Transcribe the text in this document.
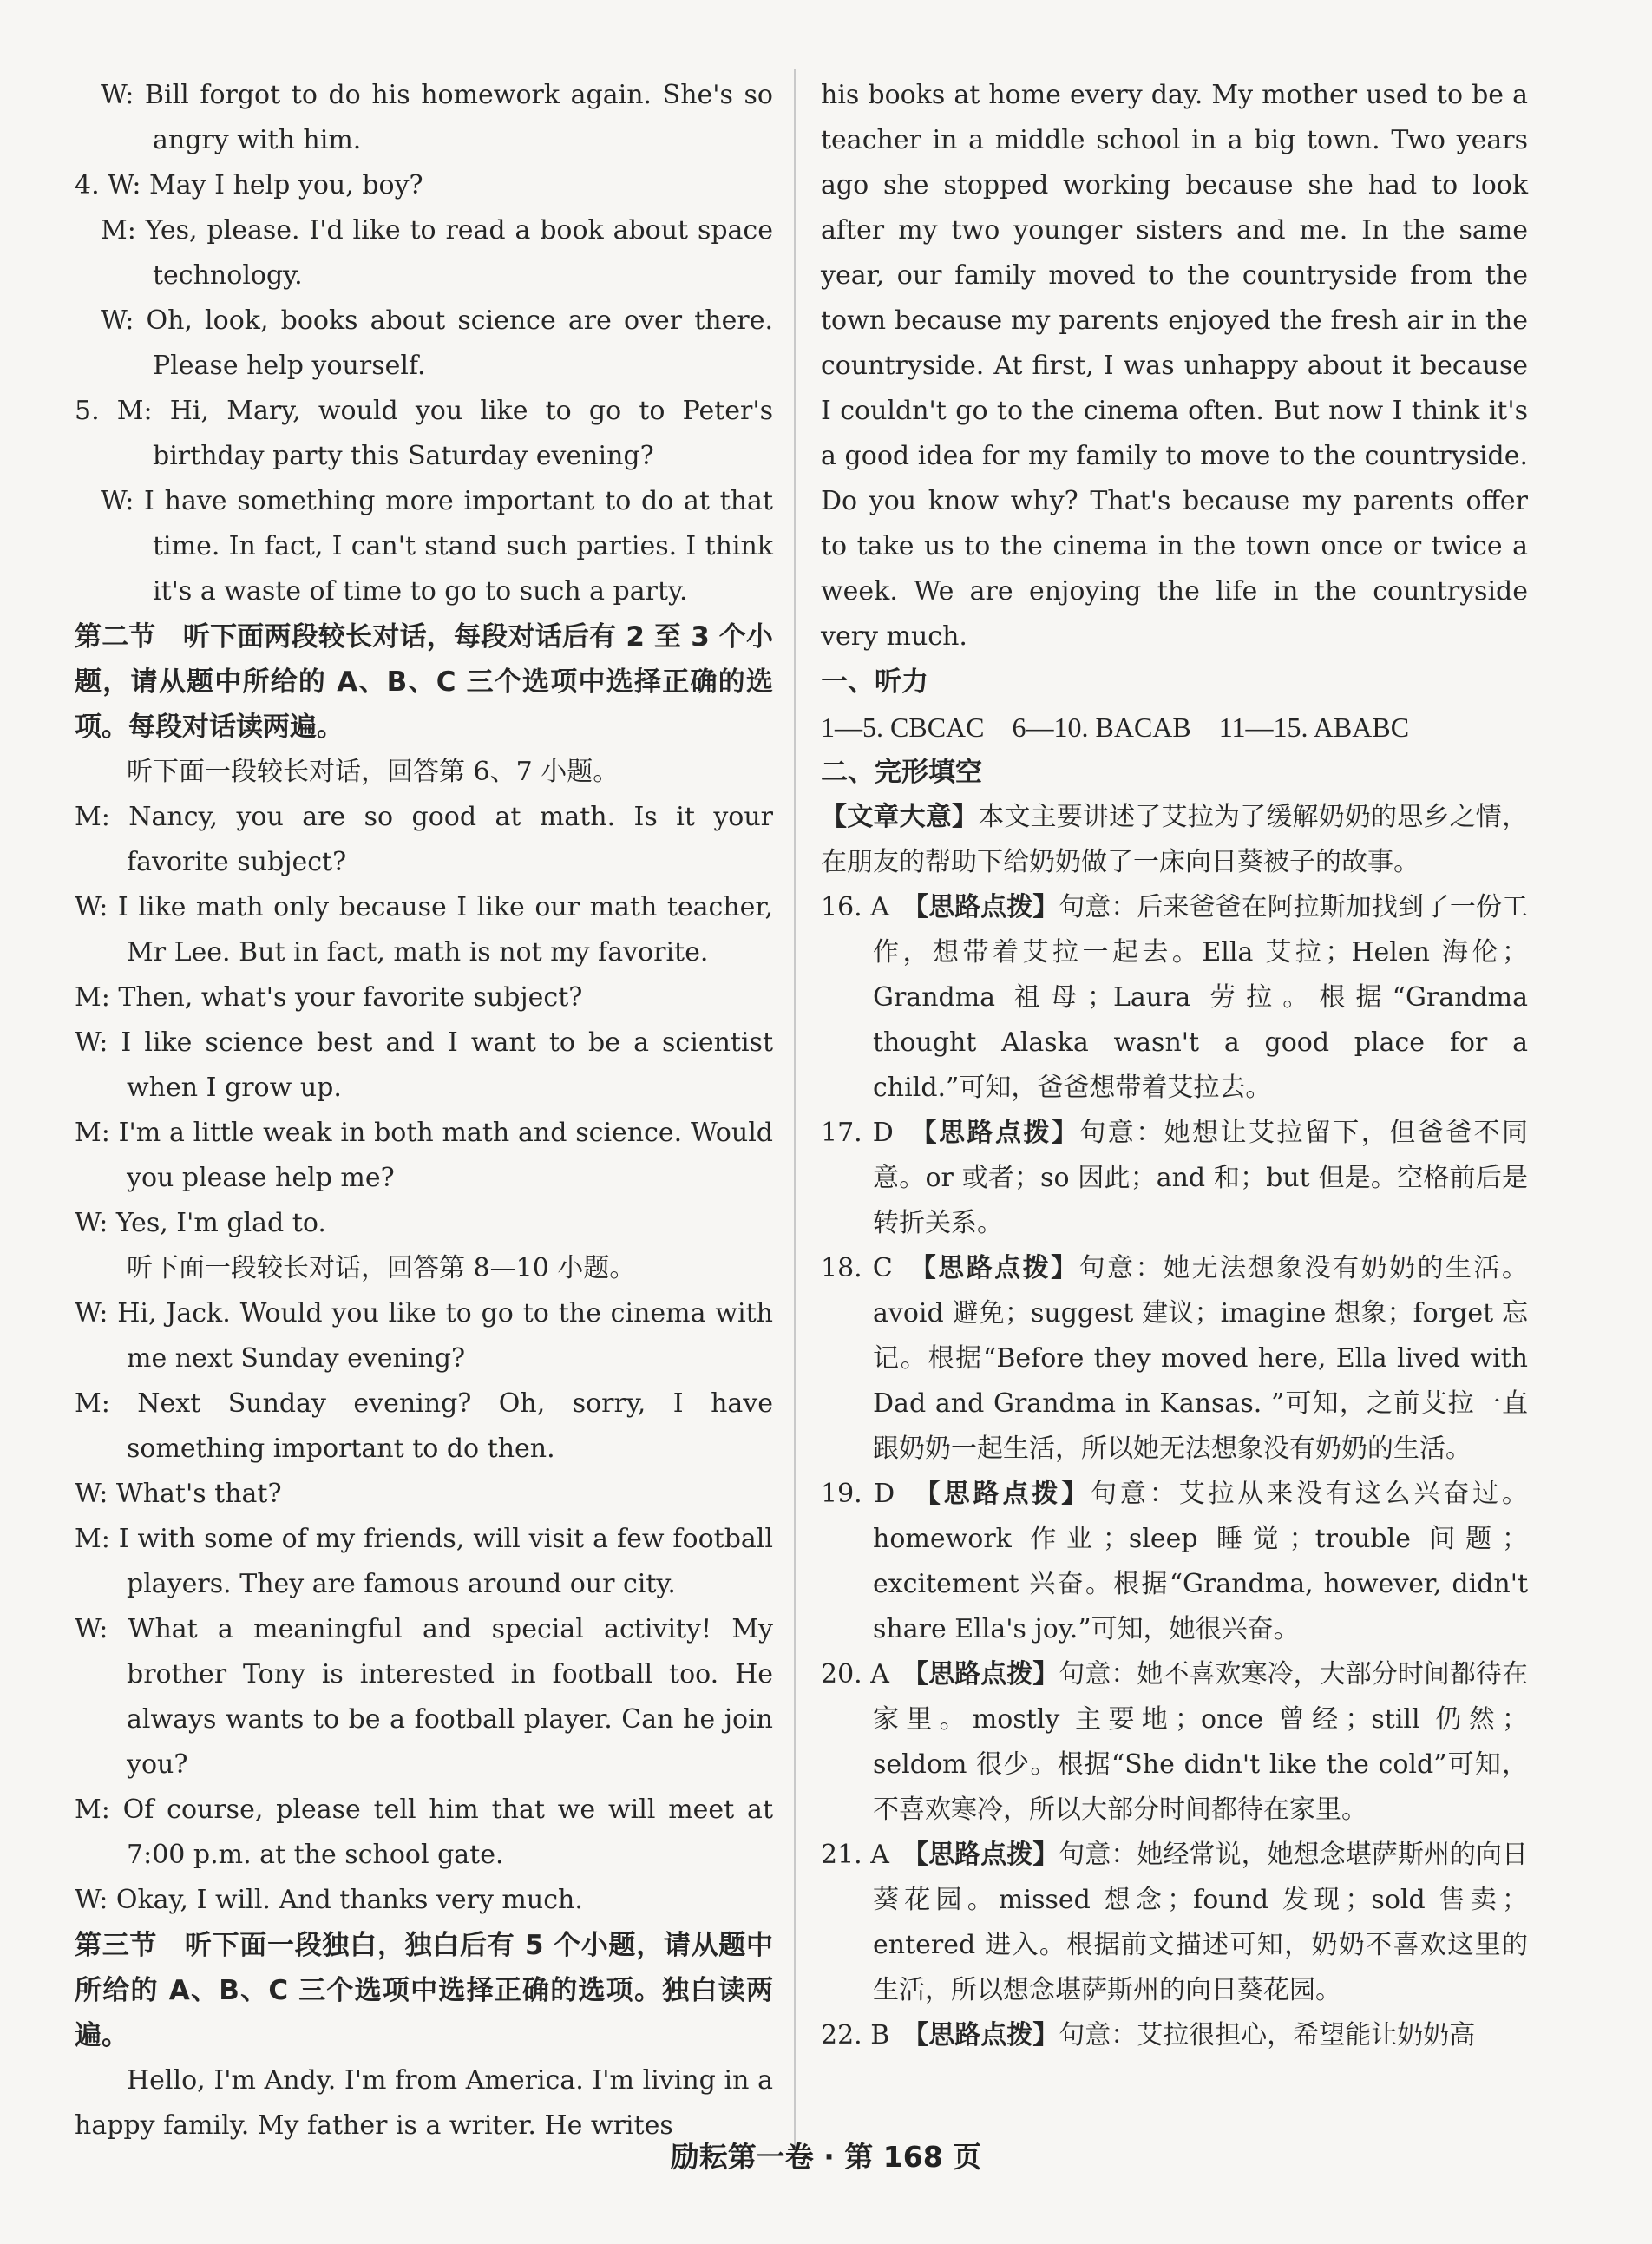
W: Bill forgot to do his homework again. She's so angry with him.

4. W: May I help you, boy?

M: Yes, please. I'd like to read a book about space technology.

W: Oh, look, books about science are over there. Please help yourself.

5. M: Hi, Mary, would you like to go to Peter's birthday party this Saturday evening?

W: I have something more important to do at that time. In fact, I can't stand such parties. I think it's a waste of time to go to such a party.

第二节　听下面两段较长对话，每段对话后有 2 至 3 个小题，请从题中所给的 A、B、C 三个选项中选择正确的选项。每段对话读两遍。

听下面一段较长对话，回答第 6、7 小题。

M: Nancy, you are so good at math. Is it your favorite subject?

W: I like math only because I like our math teacher, Mr Lee. But in fact, math is not my favorite.

M: Then, what's your favorite subject?

W: I like science best and I want to be a scientist when I grow up.

M: I'm a little weak in both math and science. Would you please help me?

W: Yes, I'm glad to.

听下面一段较长对话，回答第 8—10 小题。

W: Hi, Jack. Would you like to go to the cinema with me next Sunday evening?

M: Next Sunday evening? Oh, sorry, I have something important to do then.

W: What's that?

M: I with some of my friends, will visit a few football players. They are famous around our city.

W: What a meaningful and special activity! My brother Tony is interested in football too. He always wants to be a football player. Can he join you?

M: Of course, please tell him that we will meet at 7:00 p.m. at the school gate.

W: Okay, I will. And thanks very much.

第三节　听下面一段独白，独白后有 5 个小题，请从题中所给的 A、B、C 三个选项中选择正确的选项。独白读两遍。

Hello, I'm Andy. I'm from America. I'm living in a happy family. My father is a writer. He writes

his books at home every day. My mother used to be a teacher in a middle school in a big town. Two years ago she stopped working because she had to look after my two younger sisters and me. In the same year, our family moved to the countryside from the town because my parents enjoyed the fresh air in the countryside. At first, I was unhappy about it because I couldn't go to the cinema often. But now I think it's a good idea for my family to move to the countryside. Do you know why? That's because my parents offer to take us to the cinema in the town once or twice a week. We are enjoying the life in the countryside very much.

一、听力

1—5. CBCAC　6—10. BACAB　11—15. ABABC

二、完形填空

【文章大意】本文主要讲述了艾拉为了缓解奶奶的思乡之情，在朋友的帮助下给奶奶做了一床向日葵被子的故事。

16. A　 【思路点拨】句意：后来爸爸在阿拉斯加找到了一份工作，想带着艾拉一起去。Ella 艾拉；Helen 海伦；Grandma 祖母；Laura 劳拉。根据“Grandma thought Alaska wasn't a good place for a child.”可知，爸爸想带着艾拉去。

17. D　 【思路点拨】句意：她想让艾拉留下，但爸爸不同意。or 或者；so 因此；and 和；but 但是。空格前后是转折关系。

18. C　 【思路点拨】句意：她无法想象没有奶奶的生活。avoid 避免；suggest 建议；imagine 想象；forget 忘记。根据“Before they moved here, Ella lived with Dad and Grandma in Kansas. ”可知，之前艾拉一直跟奶奶一起生活，所以她无法想象没有奶奶的生活。

19. D　 【思路点拨】句意：艾拉从来没有这么兴奋过。homework 作业；sleep 睡觉；trouble 问题；excitement 兴奋。根据“Grandma, however, didn't share Ella's joy.”可知，她很兴奋。

20. A　 【思路点拨】句意：她不喜欢寒冷，大部分时间都待在家里。mostly 主要地；once 曾经；still 仍然；seldom 很少。根据“She didn't like the cold”可知，不喜欢寒冷，所以大部分时间都待在家里。

21. A　 【思路点拨】句意：她经常说，她想念堪萨斯州的向日葵花园。missed 想念；found 发现；sold 售卖；entered 进入。根据前文描述可知，奶奶不喜欢这里的生活，所以想念堪萨斯州的向日葵花园。

22. B　 【思路点拨】句意：艾拉很担心，希望能让奶奶高

励耘第一卷 · 第 168 页
